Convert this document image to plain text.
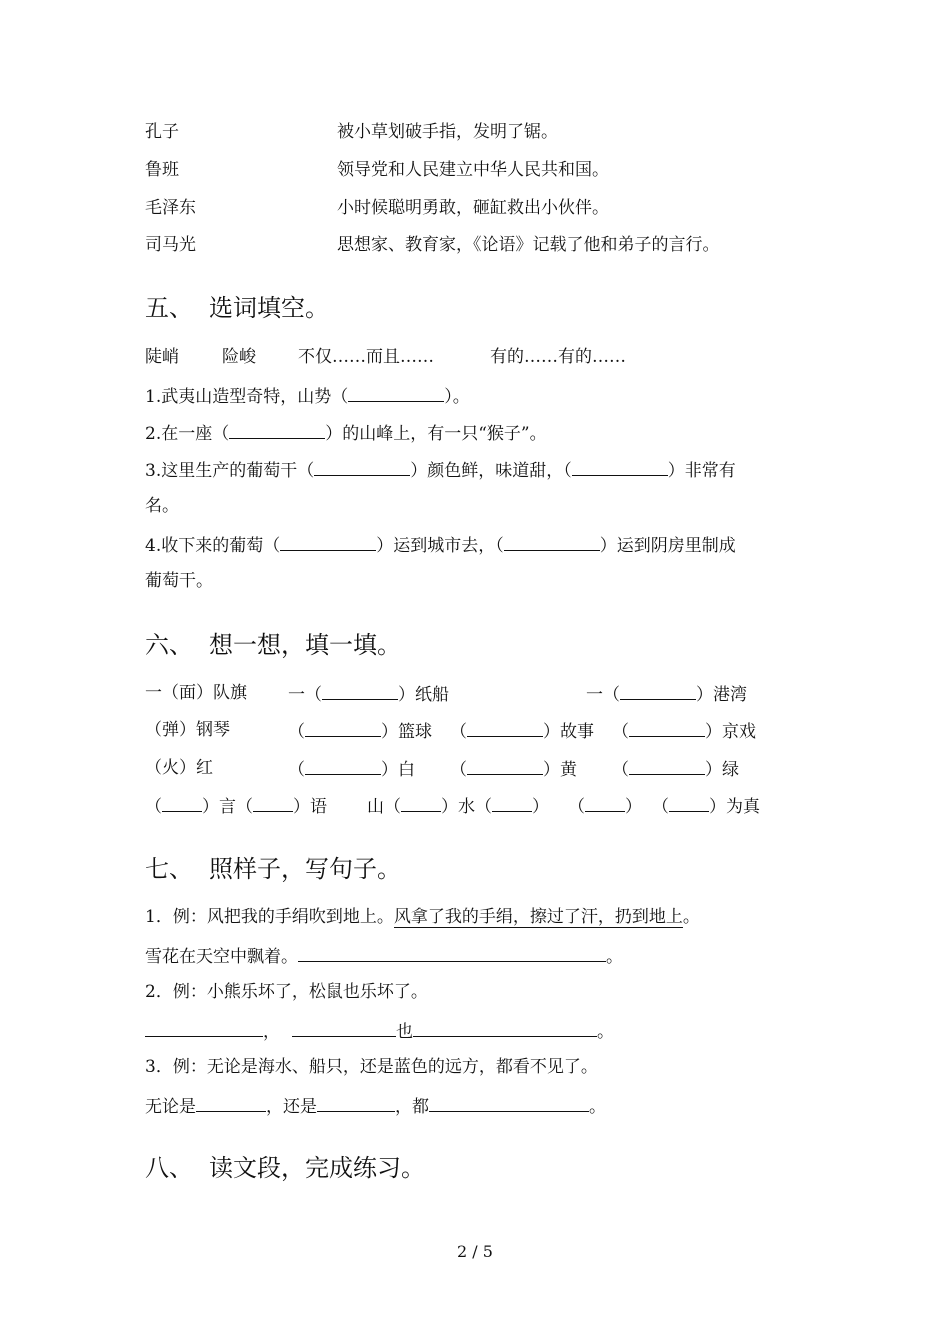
孔子	被小草划破手指，发明了锯。
鲁班	领导党和人民建立中华人民共和国。
毛泽东	小时候聪明勇敢，砸缸救出小伙伴。
司马光	思想家、教育家，《论语》记载了他和弟子的言行。
五、 选词填空。
陡峭	险峻 不仅……而且……	有的……有的……
1.武夷山造型奇特，山势（	）。
2.在一座（	）的山峰上，有一只“猴子”。
3.这里生产的葡萄干（	）颜色鲜，味道甜，（	）非常有
名。
4.收下来的葡萄（	）运到城市去，（	）运到阴房里制成
葡萄干。
六、 想一想，填一填。
一（面）队旗 一（	）纸船	一（	）港湾
（弹）钢琴	（	）篮球 （	）故事 （	）京戏
（火）红	（	）白 （	）黄 （	）绿
（ ）言（ ）语 山（ ）水（ ） （ ） （ ）为真
七、 照样子，写句子。
1．例：风把我的手绢吹到地上。风拿了我的手绢，擦过了汗，扔到地上。
雪花在天空中飘着。	。
2．例：小熊乐坏了，松鼠也乐坏了。
，	也	。
3．例：无论是海水、船只，还是蓝色的远方，都看不见了。
无论是	，还是	，都	。
八、 读文段，完成练习。
2 / 5
